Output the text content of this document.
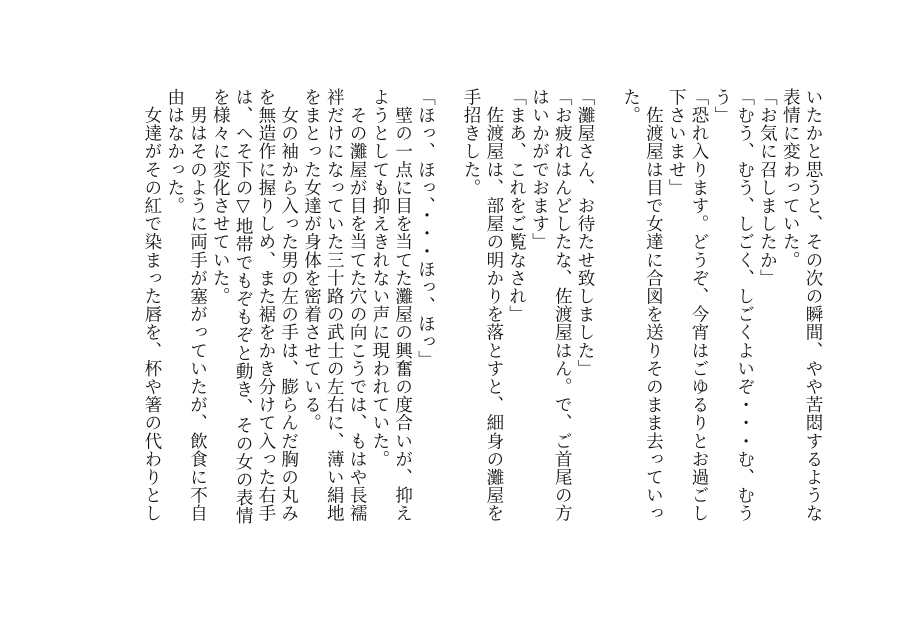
いたかと思うと、その次の瞬間、やや苦悶するような
表情に変わっていた。
「お気に召しましたか」
「むう、むう、しごく、しごくよいぞ・・・む、むう
う」
「恐れ入ります。どうぞ、今宵はごゆるりとお過ごし
下さいませ」
　佐渡屋は目で女達に合図を送りそのまま去っていっ
た。
「灘屋さん、お待たせ致しました」
「お疲れはんどしたな、佐渡屋はん。で、ご首尾の方
はいかがでおます」
「まあ、これをご覧なされ」
　佐渡屋は、部屋の明かりを落とすと、細身の灘屋を
手招きした。
「ほっ、ほっ、・・・ほっ、ほっ」
　壁の一点に目を当てた灘屋の興奮の度合いが、抑え
ようとしても抑えきれない声に現われていた。
　その灘屋が目を当てた穴の向こうでは、もはや長襦
袢だけになっていた三十路の武士の左右に、薄い絹地
をまとった女達が身体を密着させている。
　女の袖から入った男の左の手は、膨らんだ胸の丸み
を無造作に握りしめ、また裾をかき分けて入った右手
は、へそ下の▽地帯でもぞもぞと動き、その女の表情
を様々に変化させていた。
　男はそのように両手が塞がっていたが、飲食に不自
由はなかった。
　女達がその紅で染まった唇を、杯や箸の代わりとし
